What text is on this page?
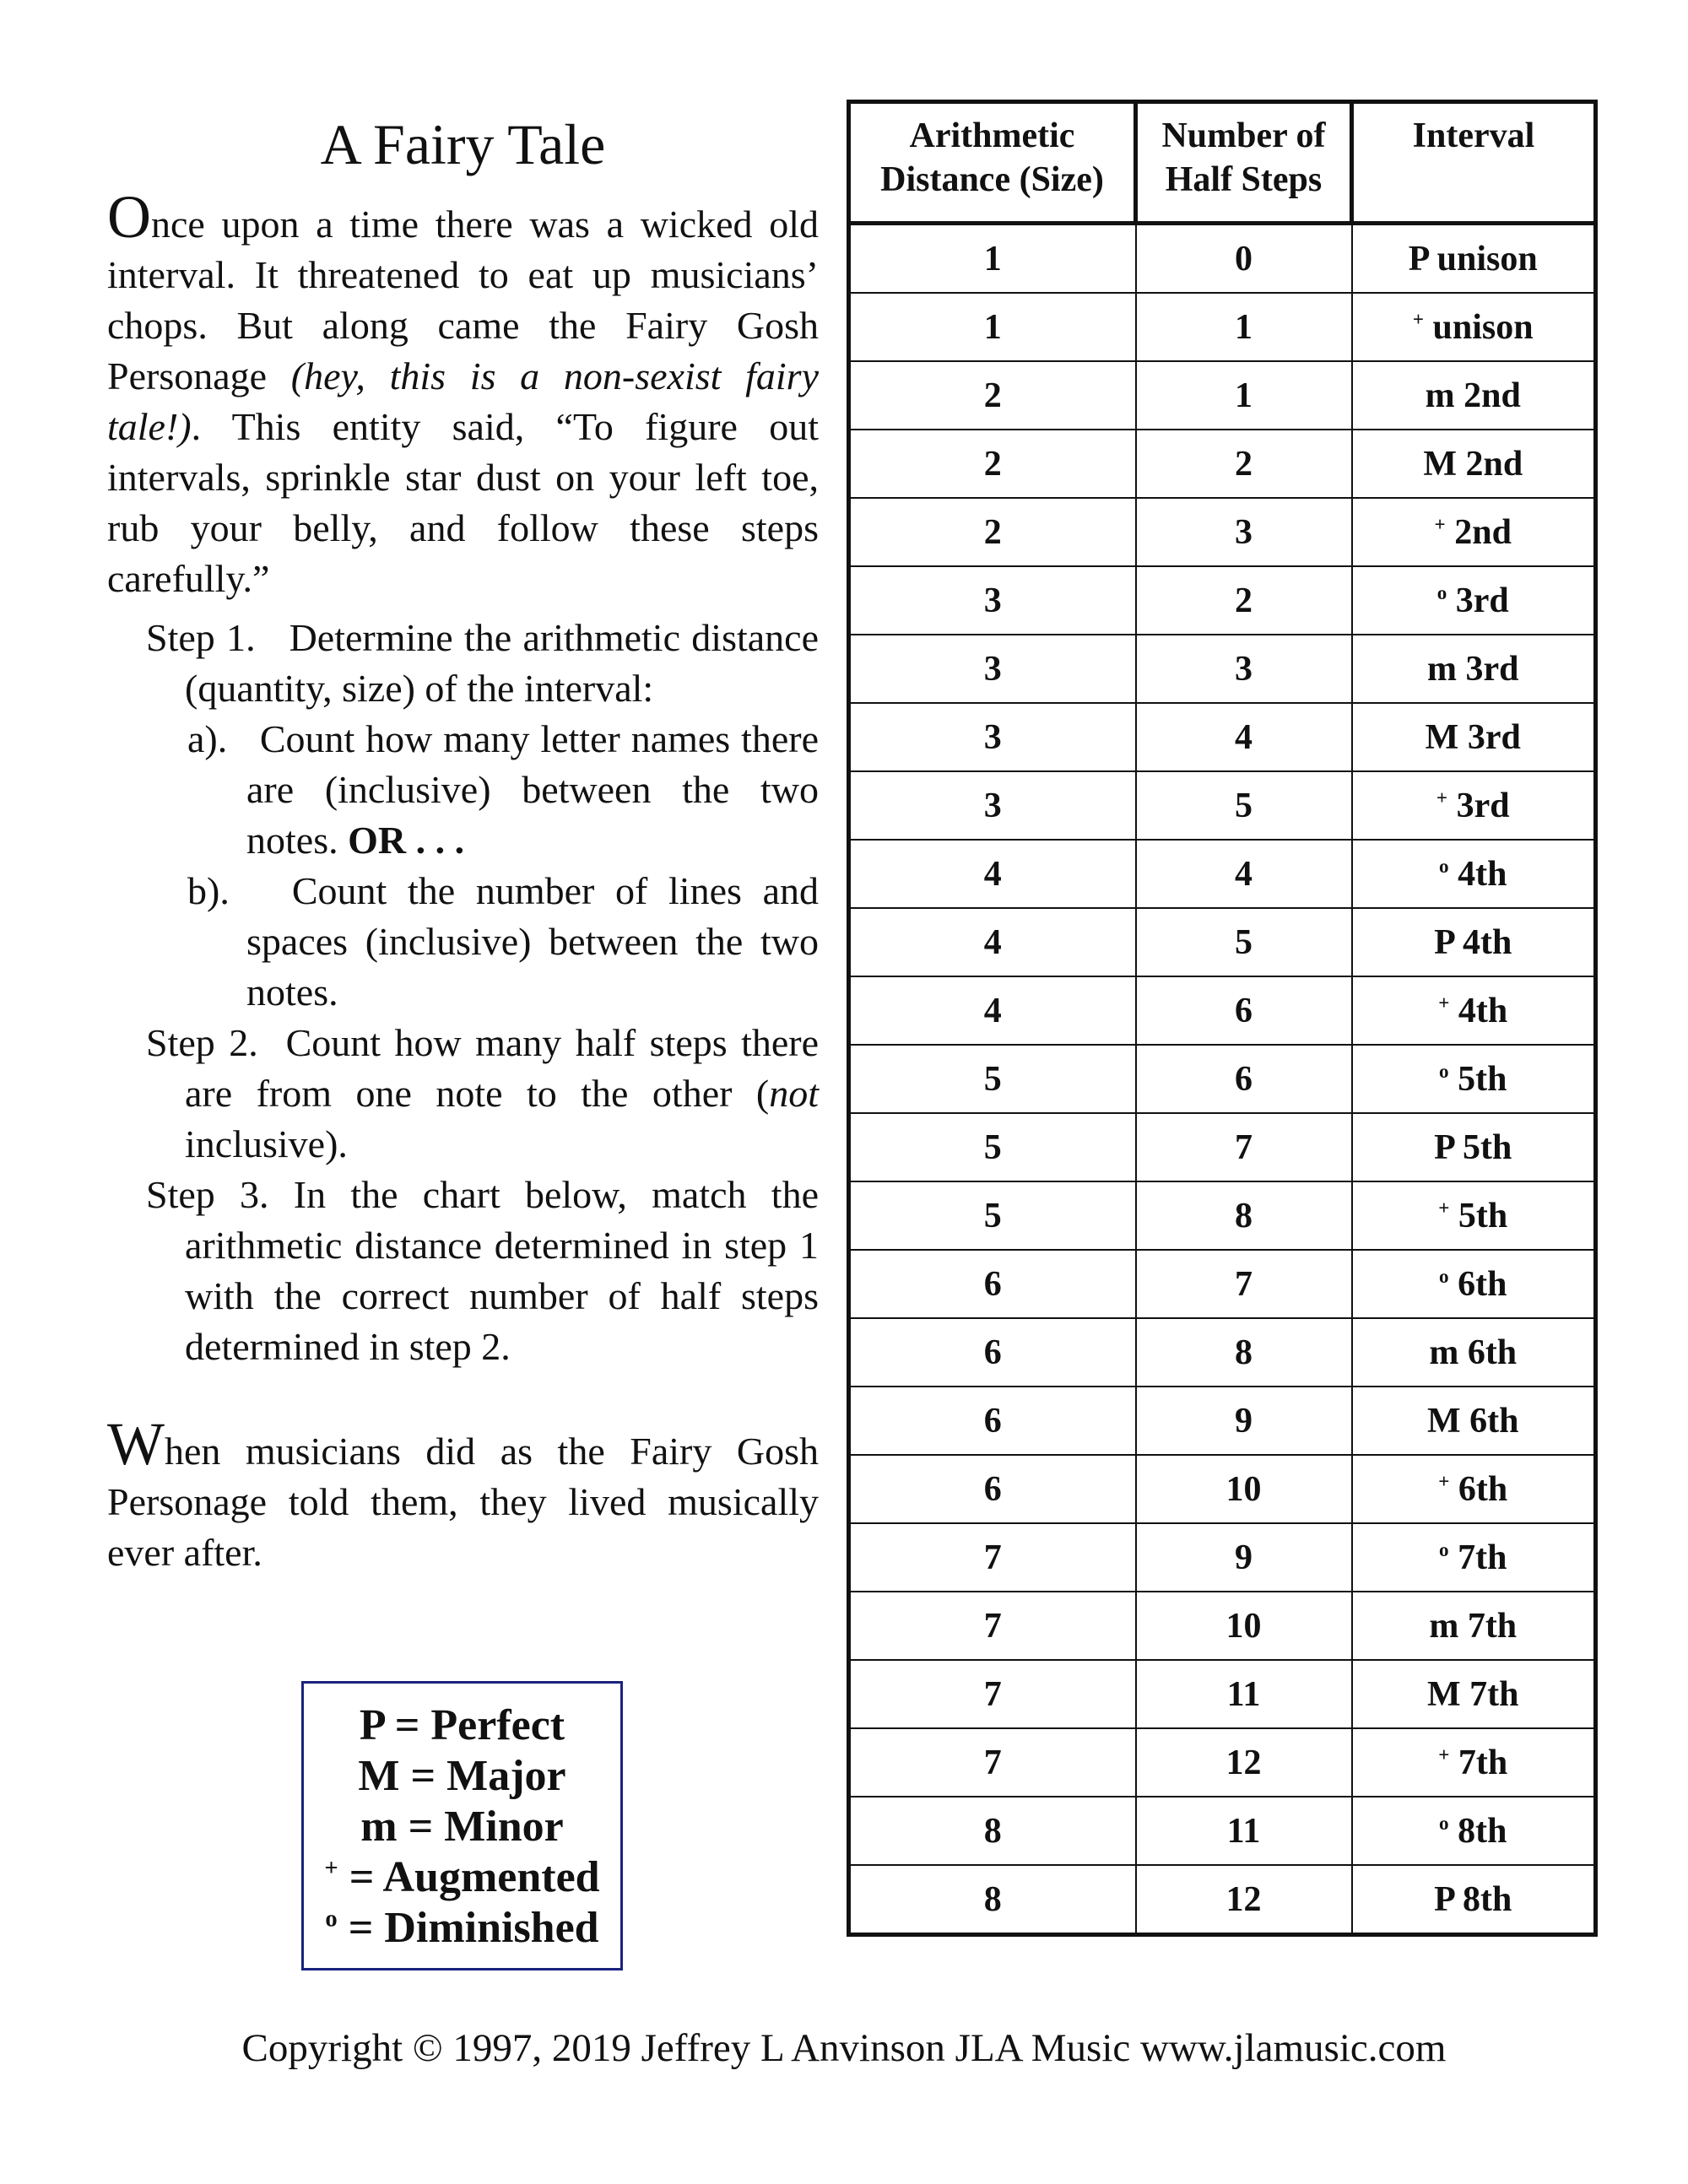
A Fairy Tale

Once upon a time there was a wicked old interval. It threatened to eat up musicians’ chops. But along came the Fairy Gosh Personage (hey, this is a non-sexist fairy tale!). This entity said, “To figure out intervals, sprinkle star dust on your left toe, rub your belly, and follow these steps carefully.”

Step 1. Determine the arithmetic distance (quantity, size) of the interval:
a). Count how many letter names there are (inclusive) between the two notes. OR . . .
b). Count the number of lines and spaces (inclusive) between the two notes.
Step 2. Count how many half steps there are from one note to the other (not inclusive).
Step 3. In the chart below, match the arithmetic distance determined in step 1 with the correct number of half steps determined in step 2.

When musicians did as the Fairy Gosh Personage told them, they lived musically ever after.

P = Perfect
M = Major
m = Minor
+ = Augmented
$^o$ = Diminished
Arithmetic Distance (Size)	Number of Half Steps	Interval
1	0	P unison
1	1	+ unison
2	1	m 2nd
2	2	M 2nd
2	3	+ 2nd
3	2	$^o$ 3rd
3	3	m 3rd
3	4	M 3rd
3	5	+ 3rd
4	4	$^o$ 4th
4	5	P 4th
4	6	+ 4th
5	6	$^o$ 5th
5	7	P 5th
5	8	+ 5th
6	7	$^o$ 6th
6	8	m 6th
6	9	M 6th
6	10	+ 6th
7	9	$^o$ 7th
7	10	m 7th
7	11	M 7th
7	12	+ 7th
8	11	$^o$ 8th
8	12	P 8th
Copyright © 1997, 2019 Jeffrey L Anvinson JLA Music www.jlamusic.com
